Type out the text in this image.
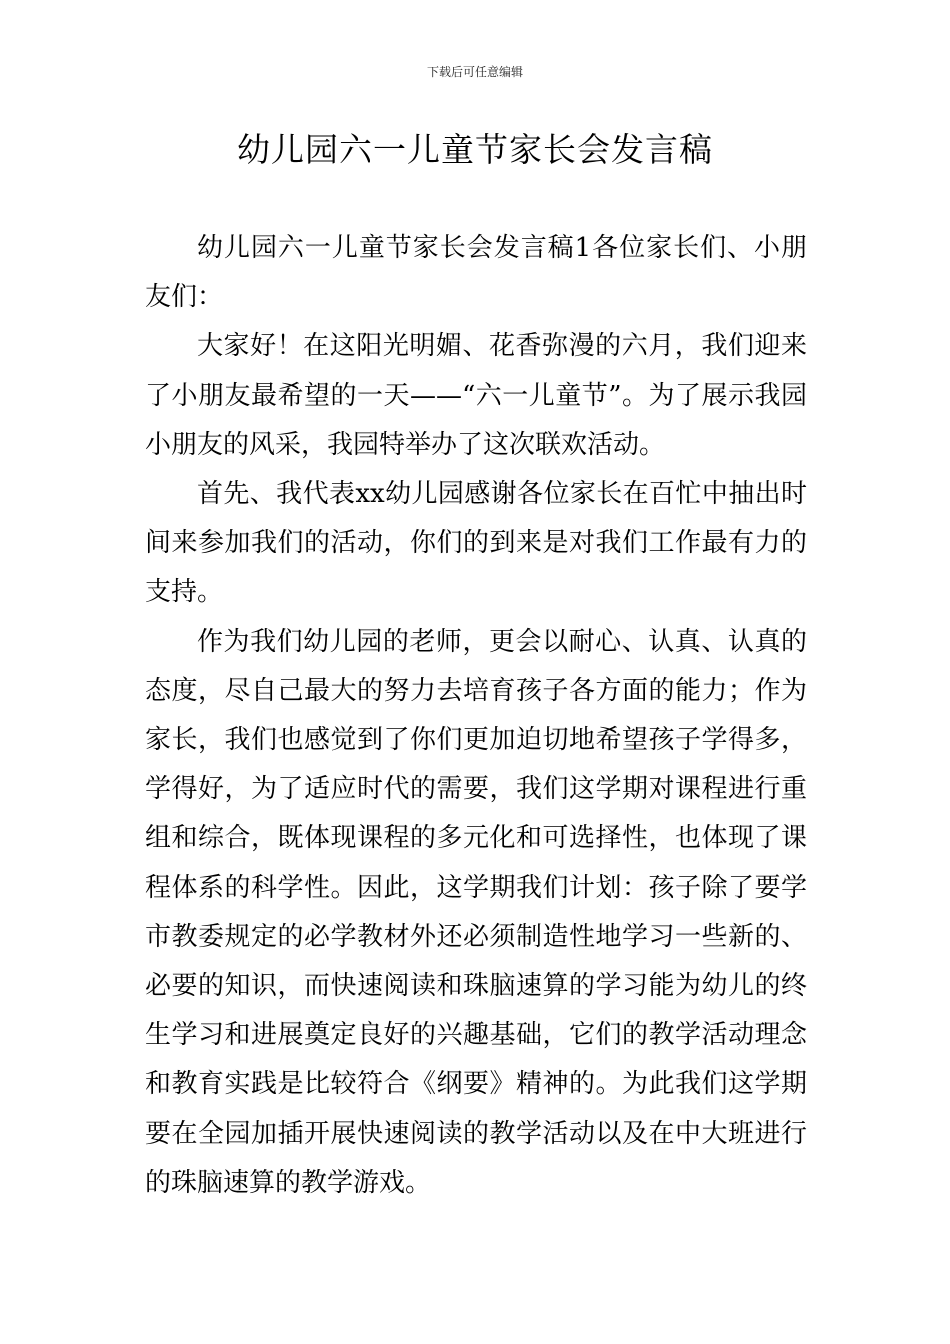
下载后可任意编辑
幼儿园六一儿童节家长会发言稿

幼儿园六一儿童节家长会发言稿1各位家长们、小朋友们：

大家好！在这阳光明媚、花香弥漫的六月，我们迎来了小朋友最希望的一天——“六一儿童节”。为了展示我园小朋友的风采，我园特举办了这次联欢活动。

首先、我代表xx幼儿园感谢各位家长在百忙中抽出时间来参加我们的活动，你们的到来是对我们工作最有力的支持。

作为我们幼儿园的老师，更会以耐心、认真、认真的态度，尽自己最大的努力去培育孩子各方面的能力；作为家长，我们也感觉到了你们更加迫切地希望孩子学得多，学得好，为了适应时代的需要，我们这学期对课程进行重组和综合，既体现课程的多元化和可选择性，也体现了课程体系的科学性。因此，这学期我们计划：孩子除了要学市教委规定的必学教材外还必须制造性地学习一些新的、必要的知识，而快速阅读和珠脑速算的学习能为幼儿的终生学习和进展奠定良好的兴趣基础，它们的教学活动理念和教育实践是比较符合《纲要》精神的。为此我们这学期要在全园加插开展快速阅读的教学活动以及在中大班进行的珠脑速算的教学游戏。
